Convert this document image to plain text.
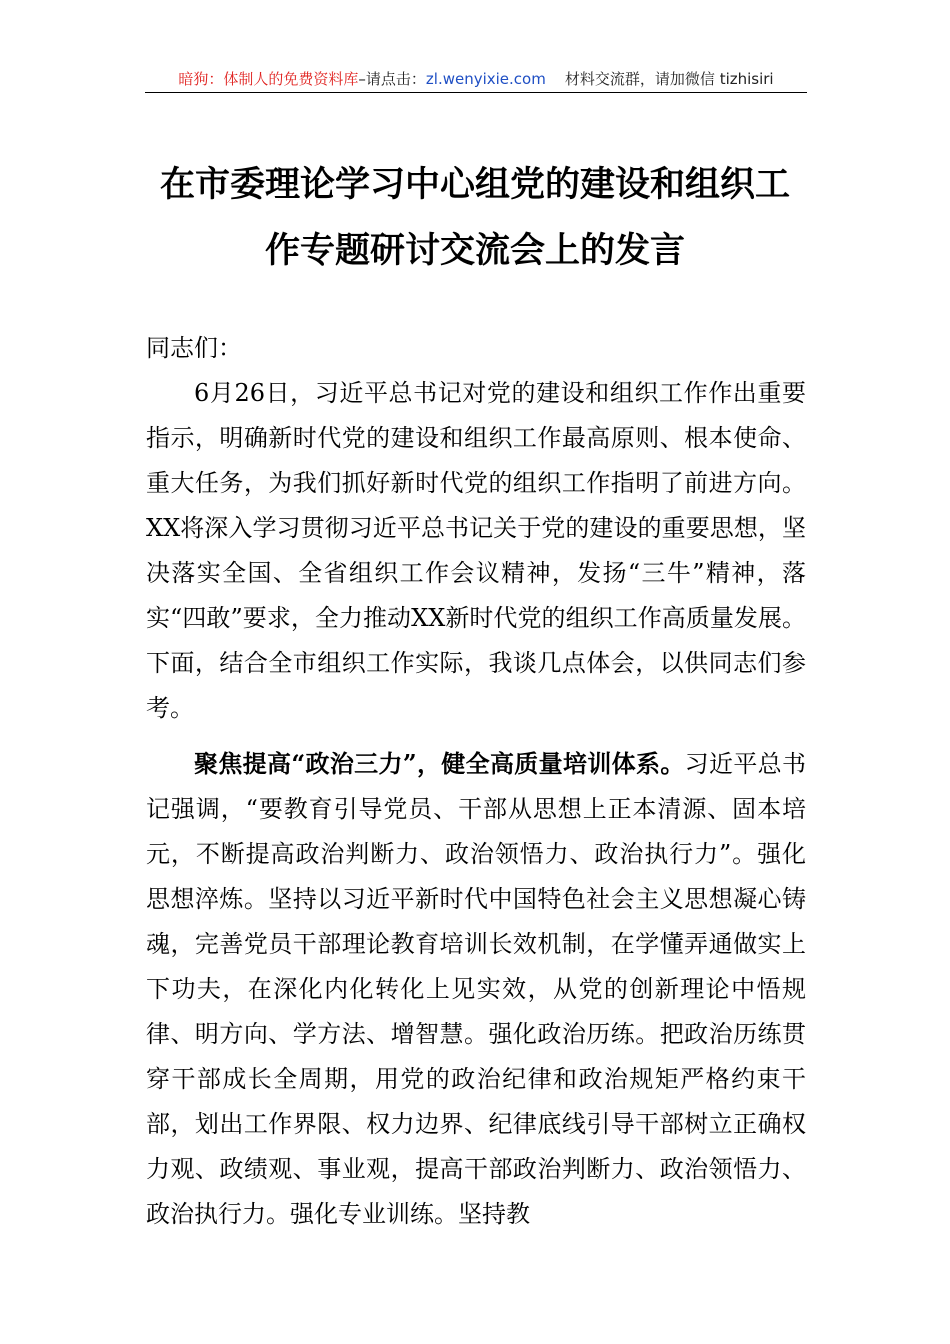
暗狗：体制人的免费资料库–请点击：zl.wenyixie.com 材料交流群，请加微信 tizhisiri
在市委理论学习中心组党的建设和组织工
作专题研讨交流会上的发言

同志们：

6月26日，习近平总书记对党的建设和组织工作作出重要指示，明确新时代党的建设和组织工作最高原则、根本使命、重大任务，为我们抓好新时代党的组织工作指明了前进方向。XX将深入学习贯彻习近平总书记关于党的建设的重要思想，坚决落实全国、全省组织工作会议精神，发扬“三牛”精神，落实“四敢”要求，全力推动XX新时代党的组织工作高质量发展。下面，结合全市组织工作实际，我谈几点体会，以供同志们参考。

聚焦提高“政治三力”，健全高质量培训体系。习近平总书记强调，“要教育引导党员、干部从思想上正本清源、固本培元，不断提高政治判断力、政治领悟力、政治执行力”。强化思想淬炼。坚持以习近平新时代中国特色社会主义思想凝心铸魂，完善党员干部理论教育培训长效机制，在学懂弄通做实上下功夫，在深化内化转化上见实效，从党的创新理论中悟规律、明方向、学方法、增智慧。强化政治历练。把政治历练贯穿干部成长全周期，用党的政治纪律和政治规矩严格约束干部，划出工作界限、权力边界、纪律底线引导干部树立正确权力观、政绩观、事业观，提高干部政治判断力、政治领悟力、政治执行力。强化专业训练。坚持教
